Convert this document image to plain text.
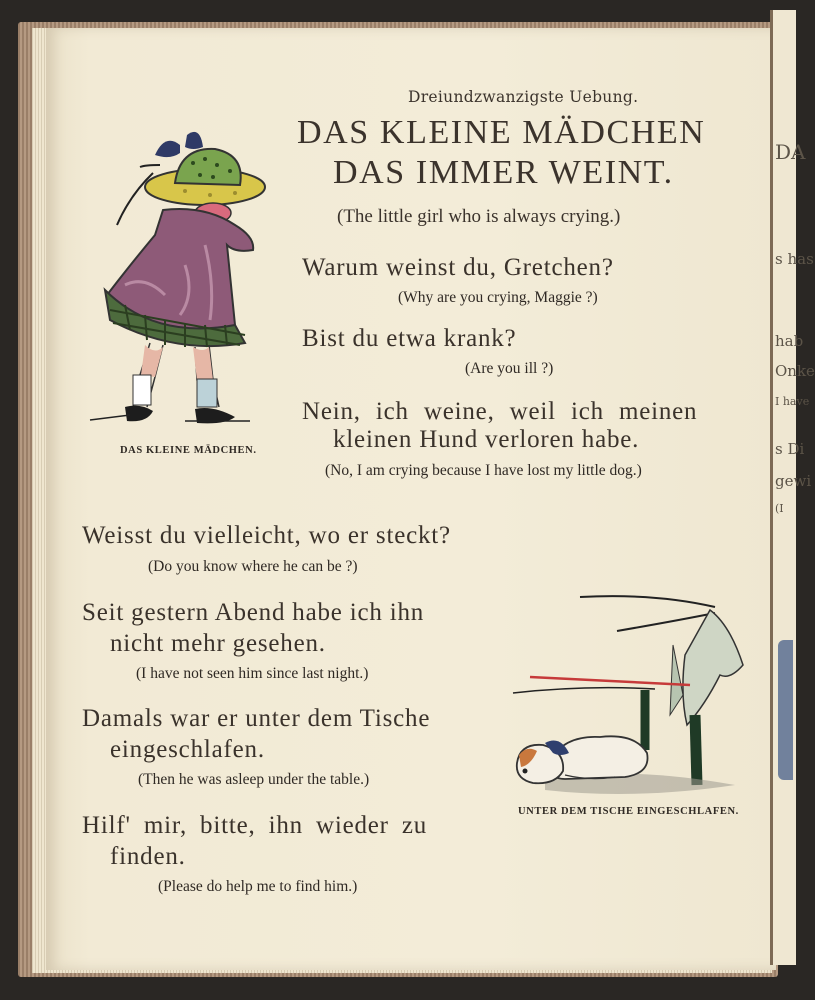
DA
s has
hab
Onke
I have
s Di
gewi
(I
Dreiundzwanzigste Uebung.
DAS KLEINE MÄDCHEN
DAS IMMER WEINT.
(The little girl who is always crying.)
DAS KLEINE MÄDCHEN.
Warum weinst du, Gretchen?
(Why are you crying, Maggie ?)
Bist du etwa krank?
(Are you ill ?)
Nein, ich weine, weil ich meinen
kleinen Hund verloren habe.
(No, I am crying because I have lost my little dog.)
Weisst du vielleicht, wo er steckt?
(Do you know where he can be ?)
Seit gestern Abend habe ich ihn
nicht mehr gesehen.
(I have not seen him since last night.)
Damals war er unter dem Tische
eingeschlafen.
(Then he was asleep under the table.)
Hilf' mir, bitte, ihn wieder zu
finden.
(Please do help me to find him.)
UNTER DEM TISCHE EINGESCHLAFEN.
